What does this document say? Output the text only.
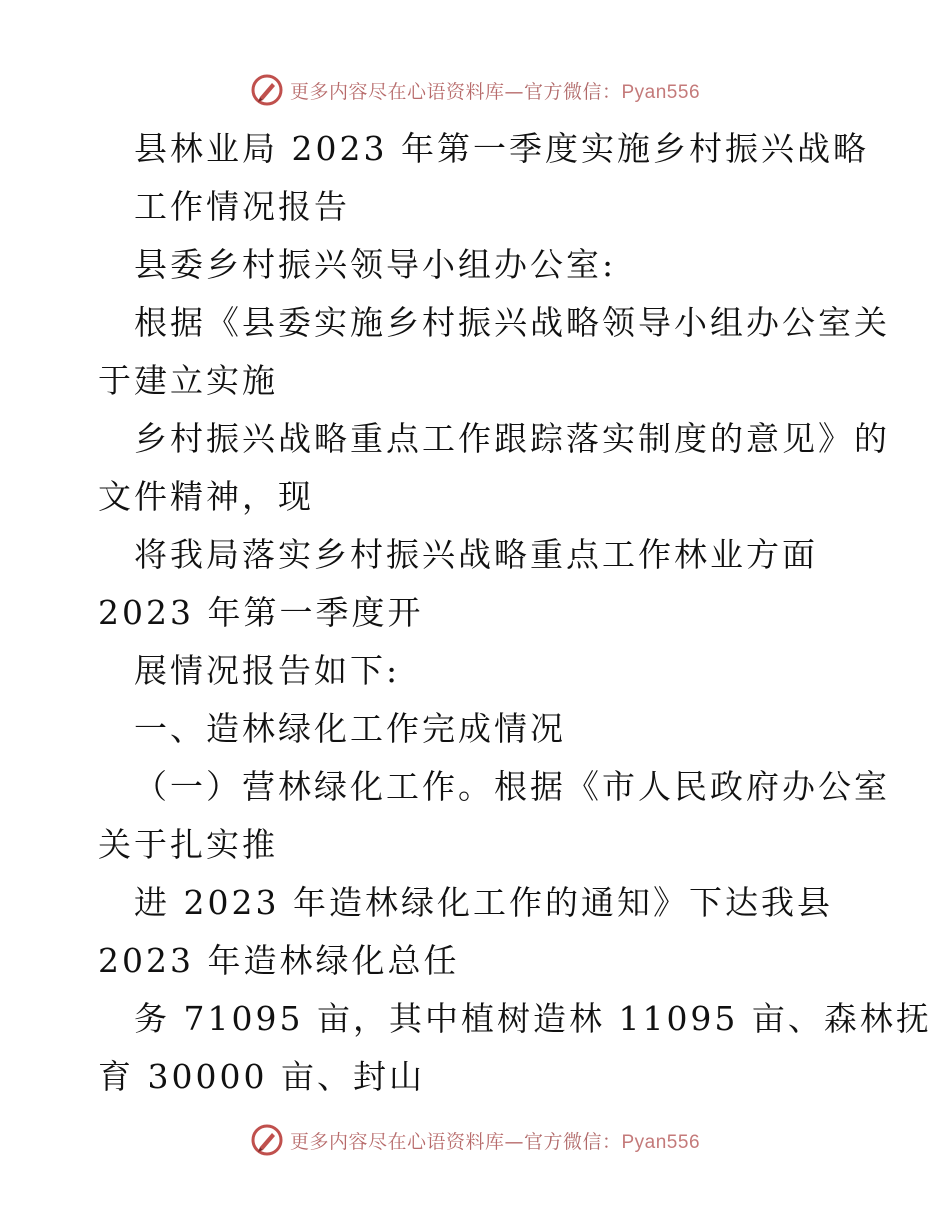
更多内容尽在心语资料库—官方微信：Pyan556
县林业局 2023 年第一季度实施乡村振兴战略
工作情况报告
县委乡村振兴领导小组办公室:
根据《县委实施乡村振兴战略领导小组办公室关
于建立实施
乡村振兴战略重点工作跟踪落实制度的意见》的
文件精神，现
将我局落实乡村振兴战略重点工作林业方面
2023 年第一季度开
展情况报告如下:
一、造林绿化工作完成情况
（一）营林绿化工作。根据《市人民政府办公室
关于扎实推
进 2023 年造林绿化工作的通知》下达我县
2023 年造林绿化总任
务 71095 亩，其中植树造林 11095 亩、森林抚
育 30000 亩、封山
更多内容尽在心语资料库—官方微信：Pyan556
